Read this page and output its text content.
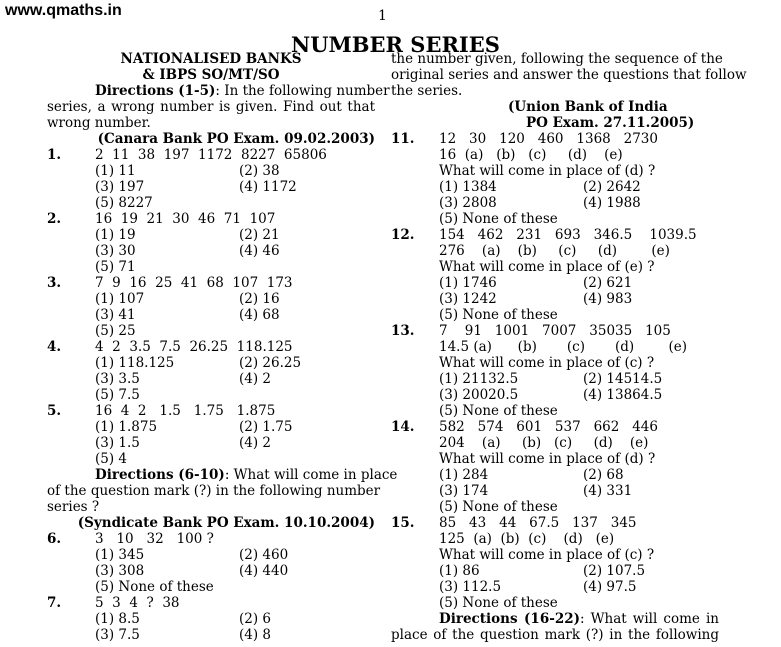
www.qmaths.in	1
NUMBER SERIES
NATIONALISED BANKS
& IBPS SO/MT/SO
Directions (1-5): In the following number
series, a wrong number is given. Find out that
wrong number.
(Canara Bank PO Exam. 09.02.2003)
1.	2  11  38  197  1172  8227  65806
(1) 11	(2) 38
(3) 197	(4) 1172
(5) 8227
2.	16  19  21  30  46  71  107
(1) 19	(2) 21
(3) 30	(4) 46
(5) 71
3.	7  9  16  25  41  68  107  173
(1) 107	(2) 16
(3) 41	(4) 68
(5) 25
4.	4  2  3.5  7.5  26.25  118.125
(1) 118.125	(2) 26.25
(3) 3.5	(4) 2
(5) 7.5
5.	16  4  2   1.5   1.75   1.875
(1) 1.875	(2) 1.75
(3) 1.5	(4) 2
(5) 4
Directions (6-10): What will come in place
of the question mark (?) in the following number
series ?
(Syndicate Bank PO Exam. 10.10.2004)
6.	3   10   32   100 ?
(1) 345	(2) 460
(3) 308	(4) 440
(5) None of these
7.	5  3  4  ?  38
(1) 8.5	(2) 6
(3) 7.5	(4) 8
the number given, following the sequence of the
original series and answer the questions that follow
the series.
(Union Bank of India
PO Exam. 27.11.2005)
11. 12   30   120   460   1368   2730
16  (a)   (b)   (c)     (d)    (e)
What will come in place of (d) ?
(1) 1384	(2) 2642
(3) 2808	(4) 1988
(5) None of these
12. 154   462   231   693   346.5    1039.5
276    (a)    (b)     (c)     (d)        (e)
What will come in place of (e) ?
(1) 1746	(2) 621
(3) 1242	(4) 983
(5) None of these
13. 7    91   1001   7007   35035   105
14.5 (a)      (b)       (c)       (d)        (e)
What will come in place of (c) ?
(1) 21132.5	(2) 14514.5
(3) 20020.5	(4) 13864.5
(5) None of these
14. 582   574   601   537   662   446
204    (a)     (b)   (c)     (d)    (e)
What will come in place of (d) ?
(1) 284	(2) 68
(3) 174	(4) 331
(5) None of these
15. 85   43   44   67.5   137   345
125  (a)  (b)  (c)    (d)   (e)
What will come in place of (c) ?
(1) 86	(2) 107.5
(3) 112.5	(4) 97.5
(5) None of these
Directions (16-22): What will come in
place of the question mark (?) in the following
